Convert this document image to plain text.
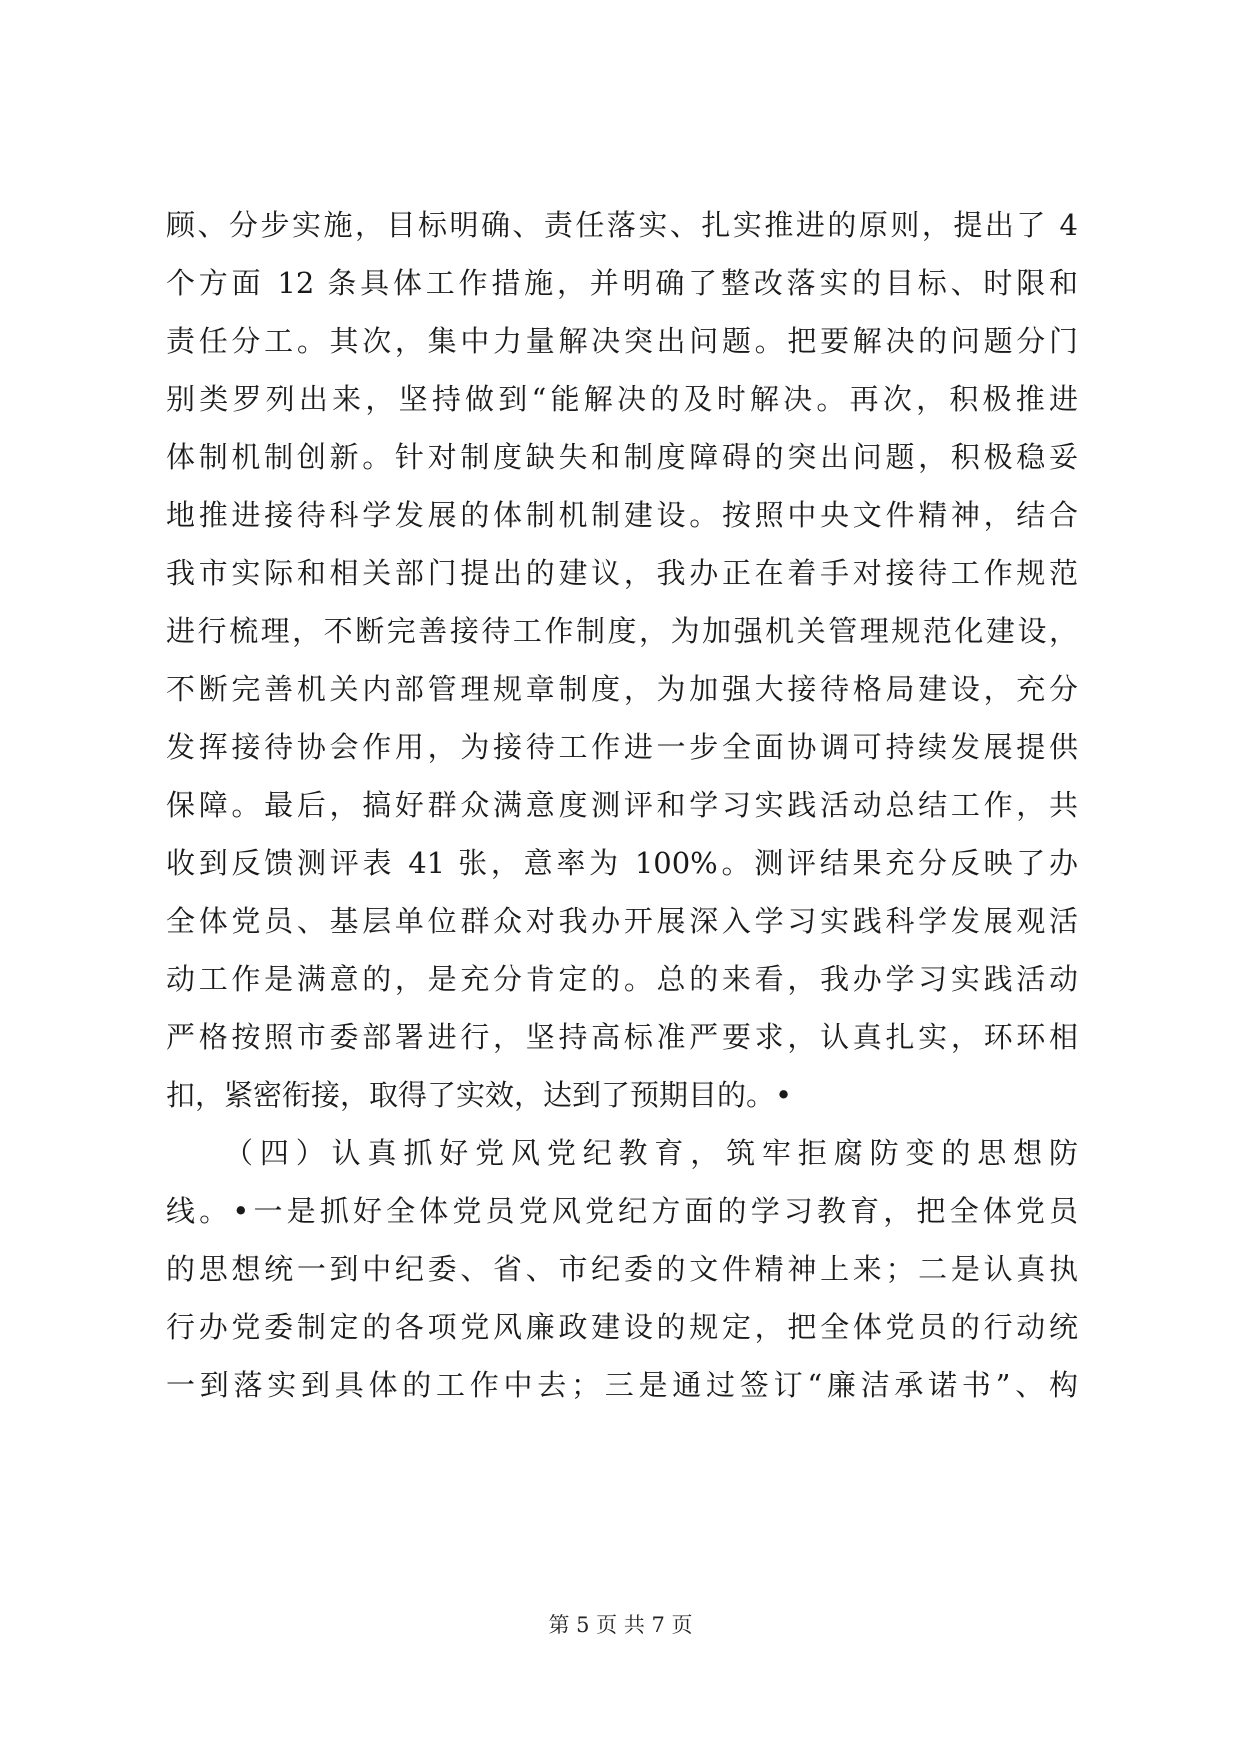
顾、分步实施，目标明确、责任落实、扎实推进的原则，提出了 4
个方面 12 条具体工作措施，并明确了整改落实的目标、时限和
责任分工。其次，集中力量解决突出问题。把要解决的问题分门
别类罗列出来，坚持做到“能解决的及时解决。再次，积极推进
体制机制创新。针对制度缺失和制度障碍的突出问题，积极稳妥
地推进接待科学发展的体制机制建设。按照中央文件精神，结合
我市实际和相关部门提出的建议，我办正在着手对接待工作规范
进行梳理，不断完善接待工作制度，为加强机关管理规范化建设，
不断完善机关内部管理规章制度，为加强大接待格局建设，充分
发挥接待协会作用，为接待工作进一步全面协调可持续发展提供
保障。最后，搞好群众满意度测评和学习实践活动总结工作，共
收到反馈测评表 41 张，意率为 100%。测评结果充分反映了办
全体党员、基层单位群众对我办开展深入学习实践科学发展观活
动工作是满意的，是充分肯定的。总的来看，我办学习实践活动
严格按照市委部署进行，坚持高标准严要求，认真扎实，环环相
扣，紧密衔接，取得了实效，达到了预期目的。•
（四）认真抓好党风党纪教育，筑牢拒腐防变的思想防
线。•一是抓好全体党员党风党纪方面的学习教育，把全体党员
的思想统一到中纪委、省、市纪委的文件精神上来；二是认真执
行办党委制定的各项党风廉政建设的规定，把全体党员的行动统
一到落实到具体的工作中去；三是通过签订“廉洁承诺书”、构
第 5 页 共 7 页
